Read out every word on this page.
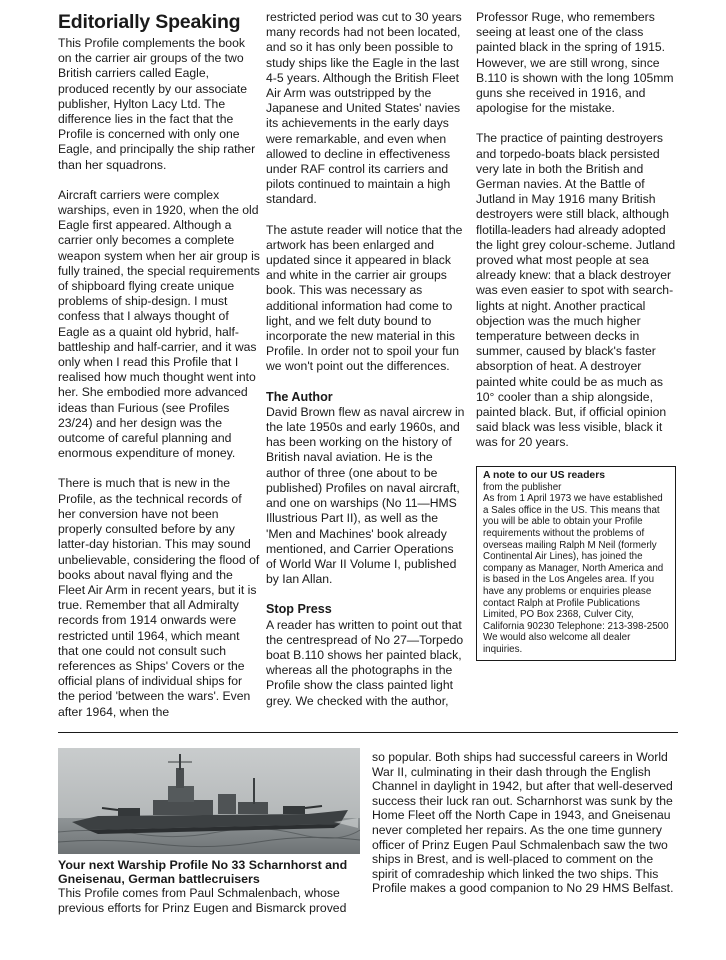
Editorially Speaking

This Profile complements the book on the carrier air groups of the two British carriers called Eagle, produced recently by our associate publisher, Hylton Lacy Ltd. The difference lies in the fact that the Profile is concerned with only one Eagle, and principally the ship rather than her squadrons.

Aircraft carriers were complex warships, even in 1920, when the old Eagle first appeared. Although a carrier only becomes a complete weapon system when her air group is fully trained, the special requirements of shipboard flying create unique problems of ship-design. I must confess that I always thought of Eagle as a quaint old hybrid, half-battleship and half-carrier, and it was only when I read this Profile that I realised how much thought went into her. She embodied more advanced ideas than Furious (see Profiles 23/24) and her design was the outcome of careful planning and enormous expenditure of money.

There is much that is new in the Profile, as the technical records of her conversion have not been properly consulted before by any latter-day historian. This may sound unbelievable, considering the flood of books about naval flying and the Fleet Air Arm in recent years, but it is true. Remember that all Admiralty records from 1914 onwards were restricted until 1964, which meant that one could not consult such references as Ships' Covers or the official plans of individual ships for the period 'between the wars'. Even after 1964, when the

restricted period was cut to 30 years many records had not been located, and so it has only been possible to study ships like the Eagle in the last 4-5 years. Although the British Fleet Air Arm was outstripped by the Japanese and United States' navies its achievements in the early days were remarkable, and even when allowed to decline in effectiveness under RAF control its carriers and pilots continued to maintain a high standard.

The astute reader will notice that the artwork has been enlarged and updated since it appeared in black and white in the carrier air groups book. This was necessary as additional information had come to light, and we felt duty bound to incorporate the new material in this Profile. In order not to spoil your fun we won't point out the differences.

The Author

David Brown flew as naval aircrew in the late 1950s and early 1960s, and has been working on the history of British naval aviation. He is the author of three (one about to be published) Profiles on naval aircraft, and one on warships (No 11—HMS Illustrious Part II), as well as the 'Men and Machines' book already mentioned, and Carrier Operations of World War II Volume I, published by Ian Allan.

Stop Press

A reader has written to point out that the centrespread of No 27—Torpedo boat B.110 shows her painted black, whereas all the photographs in the Profile show the class painted light grey. We checked with the author,

Professor Ruge, who remembers seeing at least one of the class painted black in the spring of 1915. However, we are still wrong, since B.110 is shown with the long 105mm guns she received in 1916, and apologise for the mistake.

The practice of painting destroyers and torpedo-boats black persisted very late in both the British and German navies. At the Battle of Jutland in May 1916 many British destroyers were still black, although flotilla-leaders had already adopted the light grey colour-scheme. Jutland proved what most people at sea already knew: that a black destroyer was even easier to spot with search-lights at night. Another practical objection was the much higher temperature between decks in summer, caused by black's faster absorption of heat. A destroyer painted white could be as much as 10° cooler than a ship alongside, painted black. But, if official opinion said black was less visible, black it was for 20 years.

A note to our US readers

from the publisher

As from 1 April 1973 we have established a Sales office in the US. This means that you will be able to obtain your Profile requirements without the problems of overseas mailing Ralph M Neil (formerly Continental Air Lines), has joined the company as Manager, North America and is based in the Los Angeles area. If you have any problems or enquiries please contact Ralph at Profile Publications Limited, PO Box 2368, Culver City, California 90230 Telephone: 213-398-2500 We would also welcome all dealer inquiries.

Your next Warship Profile No 33 Scharnhorst and Gneisenau, German battlecruisers

This Profile comes from Paul Schmalenbach, whose previous efforts for Prinz Eugen and Bismarck proved

so popular. Both ships had successful careers in World War II, culminating in their dash through the English Channel in daylight in 1942, but after that well-deserved success their luck ran out. Scharnhorst was sunk by the Home Fleet off the North Cape in 1943, and Gneisenau never completed her repairs. As the one time gunnery officer of Prinz Eugen Paul Schmalenbach saw the two ships in Brest, and is well-placed to comment on the spirit of comradeship which linked the two ships. This Profile makes a good companion to No 29 HMS Belfast.
